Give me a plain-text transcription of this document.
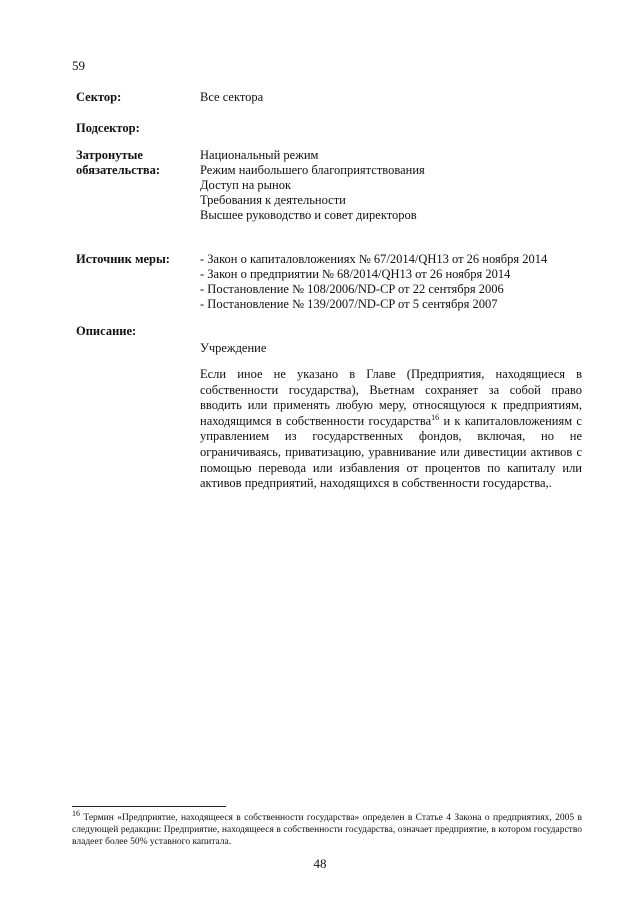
59
Сектор:	Все сектора
Подсектор:
Затронутые
обязательства:
Национальный режим
Режим наибольшего благоприятствования
Доступ на рынок
Требования к деятельности
Высшее руководство и совет директоров
Источник меры: - Закон о капиталовложениях № 67/2014/QH13 от 26 ноября 2014
- Закон о предприятии № 68/2014/QH13 от 26 ноября 2014
- Постановление № 108/2006/ND-CP от 22 сентября 2006
- Постановление № 139/2007/ND-CP от 5 сентября 2007
Описание:
Учреждение
Если иное не указано в Главе (Предприятия, находящиеся в собственности государства), Вьетнам сохраняет за собой право вводить или применять любую меру, относящуюся к предприятиям, находящимся в собственности государства$^{16}$ и к капиталовложениям с управлением из государственных фондов, включая, но не ограничиваясь, приватизацию, уравнивание или дивестиции активов с помощью перевода или избавления от процентов по капиталу или активов предприятий, находящихся в собственности государства,.
$^{16}$ Термин «Предприятие, находящееся в собственности государства» определен в Статье 4 Закона о предприятиях, 2005 в следующей редакции: Предприятие, находящееся в собственности государства, означает предприятие, в котором государство владеет более 50% уставного капитала.
48
